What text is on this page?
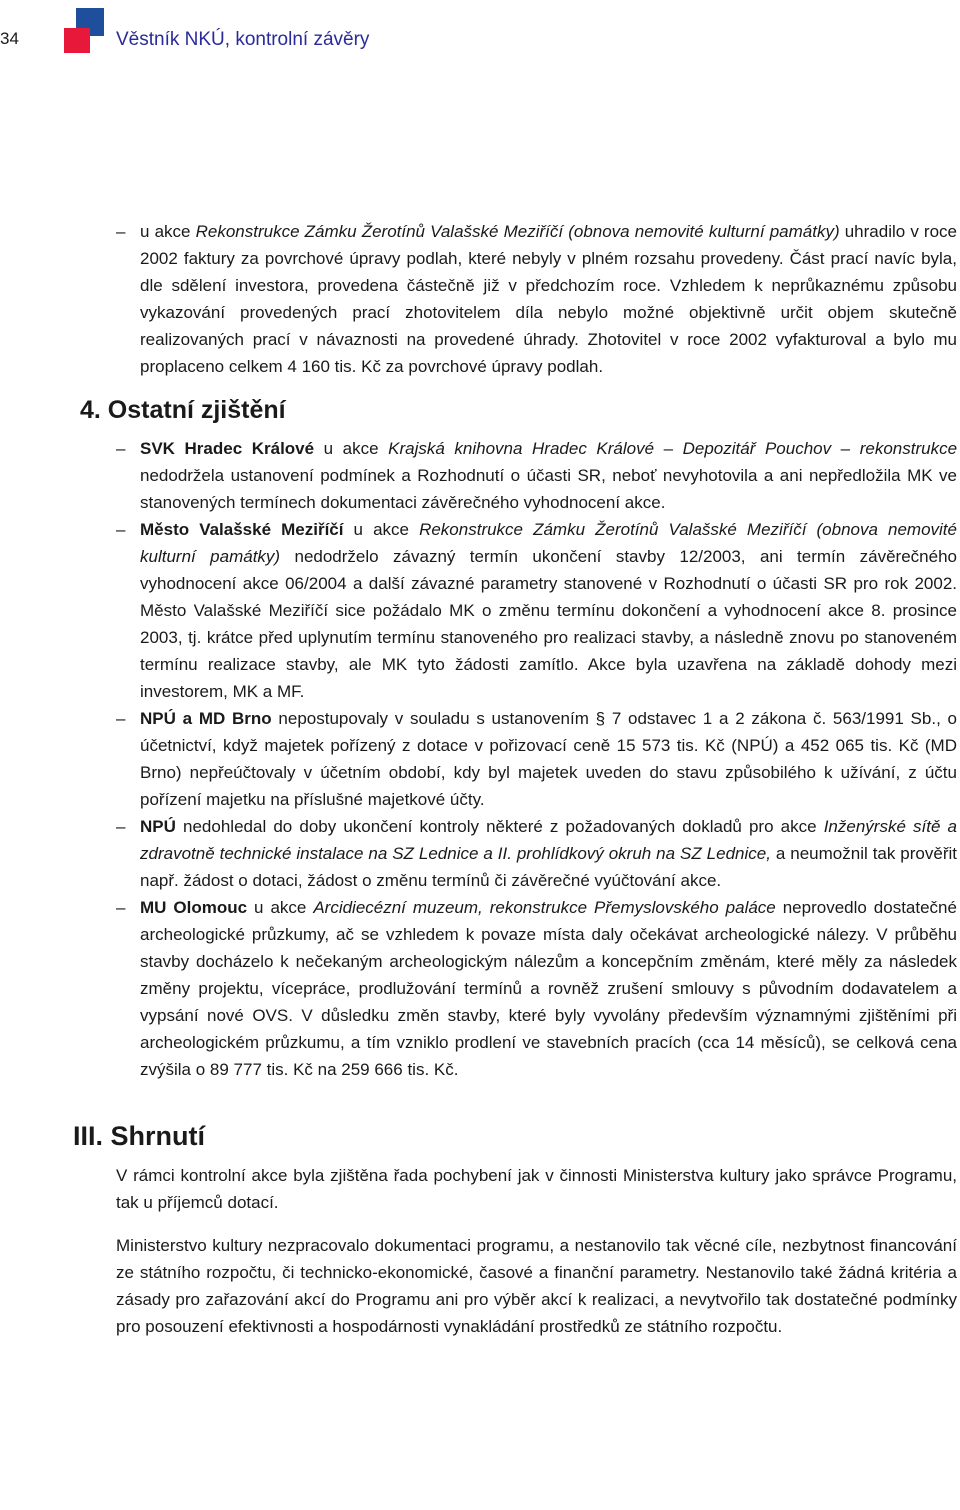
34	Věstník NKÚ, kontrolní závěry
– u akce Rekonstrukce Zámku Žerotínů Valašské Meziříčí (obnova nemovité kulturní památky) uhradilo v roce 2002 faktury za povrchové úpravy podlah, které nebyly v plném rozsahu provedeny. Část prací navíc byla, dle sdělení investora, provedena částečně již v předchozím roce. Vzhledem k neprůkaznému způsobu vykazování provedených prací zhotovitelem díla nebylo možné objektivně určit objem skutečně realizovaných prací v návaznosti na provedené úhrady. Zhotovitel v roce 2002 vyfakturoval a bylo mu proplaceno celkem 4 160 tis. Kč za povrchové úpravy podlah.
4. Ostatní zjištění
– SVK Hradec Králové u akce Krajská knihovna Hradec Králové – Depozitář Pouchov – rekonstrukce nedodržela ustanovení podmínek a Rozhodnutí o účasti SR, neboť nevyhotovila a ani nepředložila MK ve stanovených termínech dokumentaci závěrečného vyhodnocení akce.
– Město Valašské Meziříčí u akce Rekonstrukce Zámku Žerotínů Valašské Meziříčí (obnova nemovité kulturní památky) nedodrželo závazný termín ukončení stavby 12/2003, ani termín závěrečného vyhodnocení akce 06/2004 a další závazné parametry stanovené v Rozhodnutí o účasti SR pro rok 2002. Město Valašské Meziříčí sice požádalo MK o změnu termínu dokončení a vyhodnocení akce 8. prosince 2003, tj. krátce před uplynutím termínu stanoveného pro realizaci stavby, a následně znovu po stanoveném termínu realizace stavby, ale MK tyto žádosti zamítlo. Akce byla uzavřena na základě dohody mezi investorem, MK a MF.
– NPÚ a MD Brno nepostupovaly v souladu s ustanovením § 7 odstavec 1 a 2 zákona č. 563/1991 Sb., o účetnictví, když majetek pořízený z dotace v pořizovací ceně 15 573 tis. Kč (NPÚ) a 452 065 tis. Kč (MD Brno) nepřeúčtovaly v účetním období, kdy byl majetek uveden do stavu způsobilého k užívání, z účtu pořízení majetku na příslušné majetkové účty.
– NPÚ nedohledal do doby ukončení kontroly některé z požadovaných dokladů pro akce Inženýrské sítě a zdravotně technické instalace na SZ Lednice a II. prohlídkový okruh na SZ Lednice, a neumožnil tak prověřit např. žádost o dotaci, žádost o změnu termínů či závěrečné vyúčtování akce.
– MU Olomouc u akce Arcidiecézní muzeum, rekonstrukce Přemyslovského paláce neprovedlo dostatečné archeologické průzkumy, ač se vzhledem k povaze místa daly očekávat archeologické nálezy. V průběhu stavby docházelo k nečekaným archeologickým nálezům a koncepčním změnám, které měly za následek změny projektu, vícepráce, prodlužování termínů a rovněž zrušení smlouvy s původním dodavatelem a vypsání nové OVS. V důsledku změn stavby, které byly vyvolány především významnými zjištěními při archeologickém průzkumu, a tím vzniklo prodlení ve stavebních pracích (cca 14 měsíců), se celková cena zvýšila o 89 777 tis. Kč na 259 666 tis. Kč.
III. Shrnutí
V rámci kontrolní akce byla zjištěna řada pochybení jak v činnosti Ministerstva kultury jako správce Programu, tak u příjemců dotací.
Ministerstvo kultury nezpracovalo dokumentaci programu, a nestanovilo tak věcné cíle, nezbytnost financování ze státního rozpočtu, či technicko-ekonomické, časové a finanční parametry. Nestanovilo také žádná kritéria a zásady pro zařazování akcí do Programu ani pro výběr akcí k realizaci, a nevytvořilo tak dostatečné podmínky pro posouzení efektivnosti a hospodárnosti vynakládání prostředků ze státního rozpočtu.
